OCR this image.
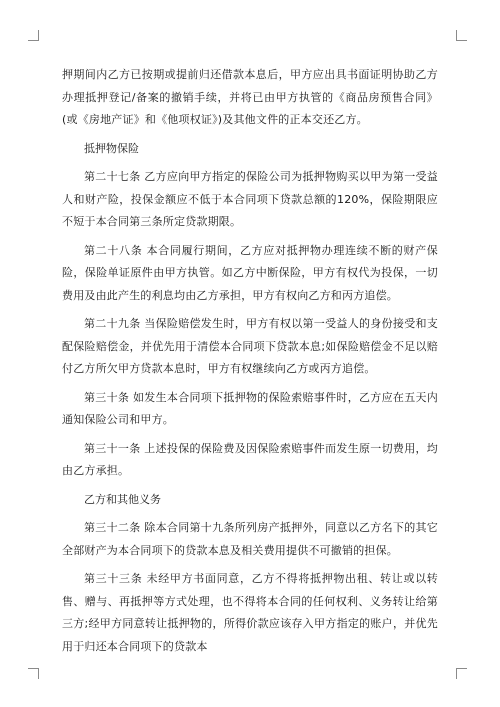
押期间内乙方已按期或提前归还借款本息后，甲方应出具书面证明协助乙方办理抵押登记/备案的撤销手续，并将已由甲方执管的《商品房预售合同》(或《房地产证》和《他项权证》)及其他文件的正本交还乙方。

抵押物保险

第二十七条 乙方应向甲方指定的保险公司为抵押物购买以甲为第一受益人和财产险，投保金额应不低于本合同项下贷款总额的120%，保险期限应不短于本合同第三条所定贷款期限。

第二十八条 本合同履行期间，乙方应对抵押物办理连续不断的财产保险，保险单证原件由甲方执管。如乙方中断保险，甲方有权代为投保，一切费用及由此产生的利息均由乙方承担，甲方有权向乙方和丙方追偿。

第二十九条 当保险赔偿发生时，甲方有权以第一受益人的身份接受和支配保险赔偿金，并优先用于清偿本合同项下贷款本息;如保险赔偿金不足以赔付乙方所欠甲方贷款本息时，甲方有权继续向乙方或丙方追偿。

第三十条 如发生本合同项下抵押物的保险索赔事件时，乙方应在五天内通知保险公司和甲方。

第三十一条 上述投保的保险费及因保险索赔事件而发生原一切费用，均由乙方承担。

乙方和其他义务

第三十二条 除本合同第十九条所列房产抵押外，同意以乙方名下的其它全部财产为本合同项下的贷款本息及相关费用提供不可撤销的担保。

第三十三条 未经甲方书面同意，乙方不得将抵押物出租、转让或以转售、赠与、再抵押等方式处理，也不得将本合同的任何权利、义务转让给第三方;经甲方同意转让抵押物的，所得价款应该存入甲方指定的账户，并优先用于归还本合同项下的贷款本
